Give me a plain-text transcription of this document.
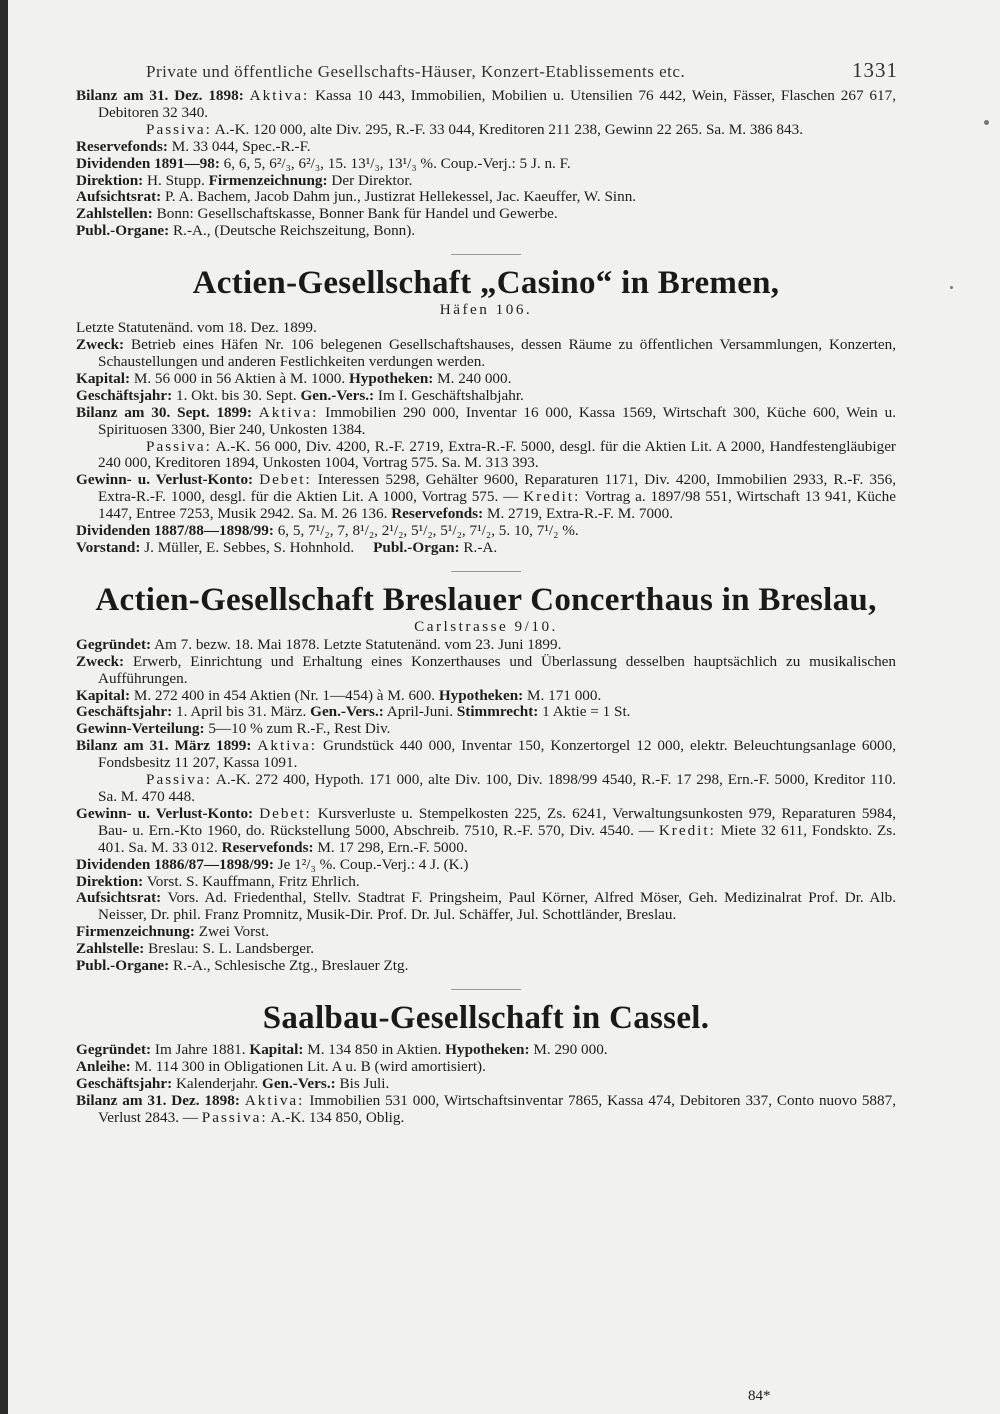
Private und öffentliche Gesellschafts-Häuser, Konzert-Etablissements etc.	1331

Bilanz am 31. Dez. 1898: Aktiva: Kassa 10 443, Immobilien, Mobilien u. Utensilien 76 442, Wein, Fässer, Flaschen 267 617, Debitoren 32 340.

Passiva: A.-K. 120 000, alte Div. 295, R.-F. 33 044, Kreditoren 211 238, Gewinn 22 265. Sa. M. 386 843.

Reservefonds: M. 33 044, Spec.-R.-F.

Dividenden 1891—98: 6, 6, 5, 6²/₃, 6²/₃, 15. 13¹/₃, 13¹/₃ %. Coup.-Verj.: 5 J. n. F.

Direktion: H. Stupp. Firmenzeichnung: Der Direktor.

Aufsichtsrat: P. A. Bachem, Jacob Dahm jun., Justizrat Hellekessel, Jac. Kaeuffer, W. Sinn.

Zahlstellen: Bonn: Gesellschaftskasse, Bonner Bank für Handel und Gewerbe.

Publ.-Organe: R.-A., (Deutsche Reichszeitung, Bonn).

Actien-Gesellschaft „Casino“ in Bremen,
Häfen 106.

Letzte Statutenänd. vom 18. Dez. 1899.

Zweck: Betrieb eines Häfen Nr. 106 belegenen Gesellschaftshauses, dessen Räume zu öffentlichen Versammlungen, Konzerten, Schaustellungen und anderen Festlichkeiten verdungen werden.

Kapital: M. 56 000 in 56 Aktien à M. 1000. Hypotheken: M. 240 000.

Geschäftsjahr: 1. Okt. bis 30. Sept. Gen.-Vers.: Im I. Geschäftshalbjahr.

Bilanz am 30. Sept. 1899: Aktiva: Immobilien 290 000, Inventar 16 000, Kassa 1569, Wirtschaft 300, Küche 600, Wein u. Spirituosen 3300, Bier 240, Unkosten 1384.

Passiva: A.-K. 56 000, Div. 4200, R.-F. 2719, Extra-R.-F. 5000, desgl. für die Aktien Lit. A 2000, Handfestengläubiger 240 000, Kreditoren 1894, Unkosten 1004, Vortrag 575. Sa. M. 313 393.

Gewinn- u. Verlust-Konto: Debet: Interessen 5298, Gehälter 9600, Reparaturen 1171, Div. 4200, Immobilien 2933, R.-F. 356, Extra-R.-F. 1000, desgl. für die Aktien Lit. A 1000, Vortrag 575. — Kredit: Vortrag a. 1897/98 551, Wirtschaft 13 941, Küche 1447, Entree 7253, Musik 2942. Sa. M. 26 136. Reservefonds: M. 2719, Extra-R.-F. M. 7000.

Dividenden 1887/88—1898/99: 6, 5, 7¹/₂, 7, 8¹/₂, 2¹/₂, 5¹/₂, 5¹/₂, 7¹/₂, 5. 10, 7¹/₂ %.

Vorstand: J. Müller, E. Sebbes, S. Hohnhold. Publ.-Organ: R.-A.

Actien-Gesellschaft Breslauer Concerthaus in Breslau,
Carlstrasse 9/10.

Gegründet: Am 7. bezw. 18. Mai 1878. Letzte Statutenänd. vom 23. Juni 1899.

Zweck: Erwerb, Einrichtung und Erhaltung eines Konzerthauses und Überlassung desselben hauptsächlich zu musikalischen Aufführungen.

Kapital: M. 272 400 in 454 Aktien (Nr. 1—454) à M. 600. Hypotheken: M. 171 000.

Geschäftsjahr: 1. April bis 31. März. Gen.-Vers.: April-Juni. Stimmrecht: 1 Aktie = 1 St.

Gewinn-Verteilung: 5—10 % zum R.-F., Rest Div.

Bilanz am 31. März 1899: Aktiva: Grundstück 440 000, Inventar 150, Konzertorgel 12 000, elektr. Beleuchtungsanlage 6000, Fondsbesitz 11 207, Kassa 1091.

Passiva: A.-K. 272 400, Hypoth. 171 000, alte Div. 100, Div. 1898/99 4540, R.-F. 17 298, Ern.-F. 5000, Kreditor 110. Sa. M. 470 448.

Gewinn- u. Verlust-Konto: Debet: Kursverluste u. Stempelkosten 225, Zs. 6241, Verwaltungsunkosten 979, Reparaturen 5984, Bau- u. Ern.-Kto 1960, do. Rückstellung 5000, Abschreib. 7510, R.-F. 570, Div. 4540. — Kredit: Miete 32 611, Fondskto. Zs. 401. Sa. M. 33 012. Reservefonds: M. 17 298, Ern.-F. 5000.

Dividenden 1886/87—1898/99: Je 1²/₃ %. Coup.-Verj.: 4 J. (K.)

Direktion: Vorst. S. Kauffmann, Fritz Ehrlich.

Aufsichtsrat: Vors. Ad. Friedenthal, Stellv. Stadtrat F. Pringsheim, Paul Körner, Alfred Möser, Geh. Medizinalrat Prof. Dr. Alb. Neisser, Dr. phil. Franz Promnitz, Musik-Dir. Prof. Dr. Jul. Schäffer, Jul. Schottländer, Breslau.

Firmenzeichnung: Zwei Vorst.

Zahlstelle: Breslau: S. L. Landsberger.

Publ.-Organe: R.-A., Schlesische Ztg., Breslauer Ztg.

Saalbau-Gesellschaft in Cassel.

Gegründet: Im Jahre 1881. Kapital: M. 134 850 in Aktien. Hypotheken: M. 290 000.

Anleihe: M. 114 300 in Obligationen Lit. A u. B (wird amortisiert).

Geschäftsjahr: Kalenderjahr. Gen.-Vers.: Bis Juli.

Bilanz am 31. Dez. 1898: Aktiva: Immobilien 531 000, Wirtschaftsinventar 7865, Kassa 474, Debitoren 337, Conto nuovo 5887, Verlust 2843. — Passiva: A.-K. 134 850, Oblig.

84*
